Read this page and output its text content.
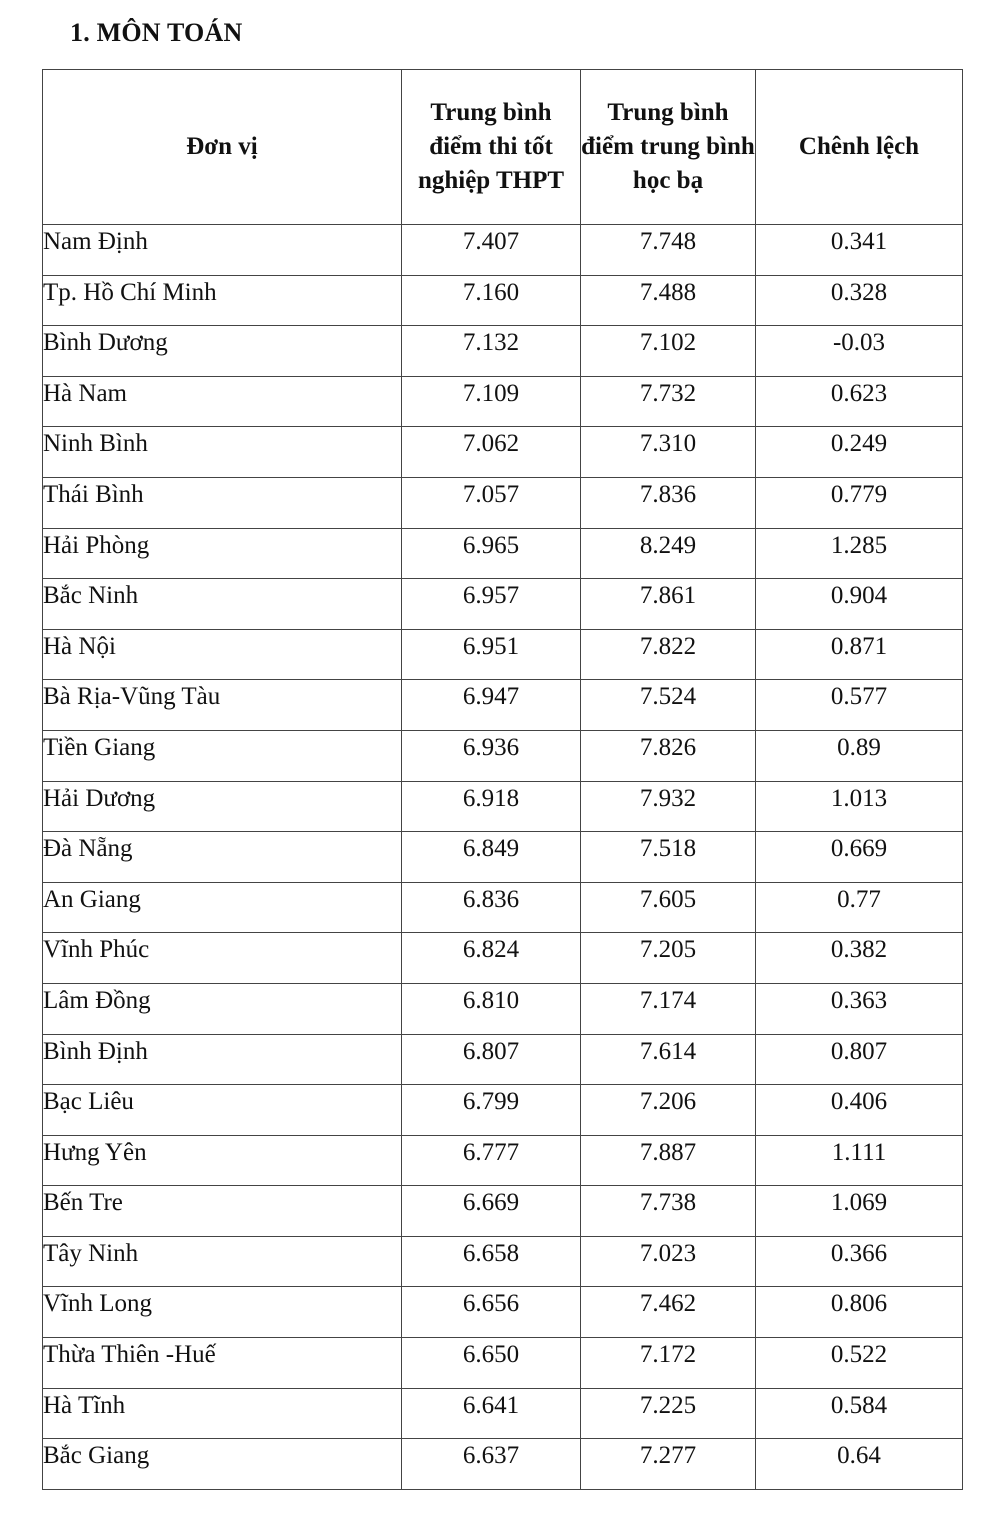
1. MÔN TOÁN
Đơn vị	Trung bình điểm thi tốt nghiệp THPT	Trung bình điểm trung bình học bạ	Chênh lệch
Nam Định	7.407	7.748	0.341
Tp. Hồ Chí Minh	7.160	7.488	0.328
Bình Dương	7.132	7.102	-0.03
Hà Nam	7.109	7.732	0.623
Ninh Bình	7.062	7.310	0.249
Thái Bình	7.057	7.836	0.779
Hải Phòng	6.965	8.249	1.285
Bắc Ninh	6.957	7.861	0.904
Hà Nội	6.951	7.822	0.871
Bà Rịa-Vũng Tàu	6.947	7.524	0.577
Tiền Giang	6.936	7.826	0.89
Hải Dương	6.918	7.932	1.013
Đà Nẵng	6.849	7.518	0.669
An Giang	6.836	7.605	0.77
Vĩnh Phúc	6.824	7.205	0.382
Lâm Đồng	6.810	7.174	0.363
Bình Định	6.807	7.614	0.807
Bạc Liêu	6.799	7.206	0.406
Hưng Yên	6.777	7.887	1.111
Bến Tre	6.669	7.738	1.069
Tây Ninh	6.658	7.023	0.366
Vĩnh Long	6.656	7.462	0.806
Thừa Thiên -Huế	6.650	7.172	0.522
Hà Tĩnh	6.641	7.225	0.584
Bắc Giang	6.637	7.277	0.64
